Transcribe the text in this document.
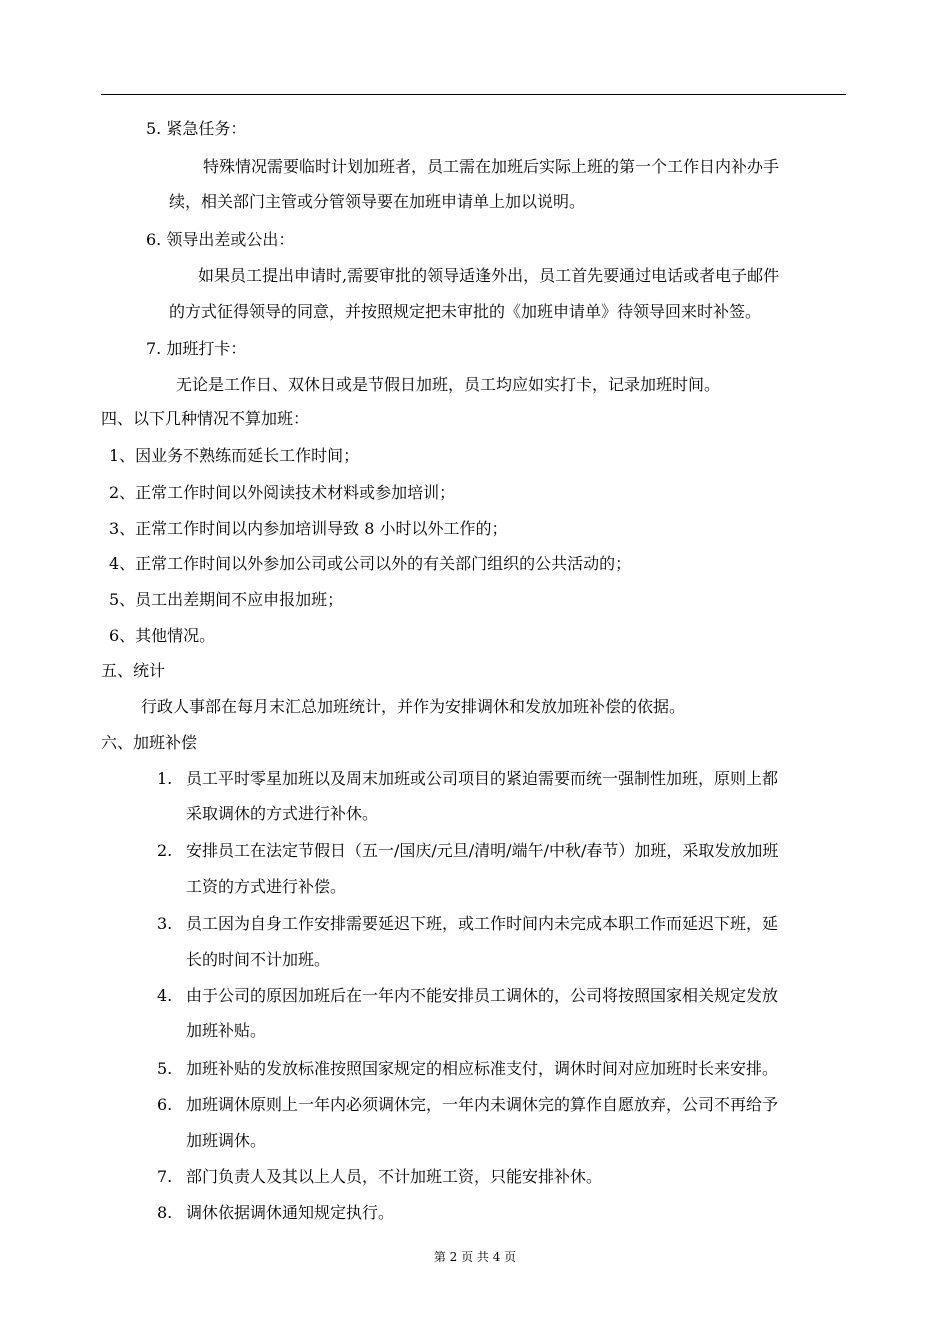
5. 紧急任务：
特殊情况需要临时计划加班者，员工需在加班后实际上班的第一个工作日内补办手
续，相关部门主管或分管领导要在加班申请单上加以说明。
6. 领导出差或公出：
如果员工提出申请时,需要审批的领导适逢外出，员工首先要通过电话或者电子邮件
的方式征得领导的同意，并按照规定把未审批的《加班申请单》待领导回来时补签。
7. 加班打卡：
无论是工作日、双休日或是节假日加班，员工均应如实打卡，记录加班时间。
四、以下几种情况不算加班：
1、因业务不熟练而延长工作时间；
2、正常工作时间以外阅读技术材料或参加培训；
3、正常工作时间以内参加培训导致 8 小时以外工作的；
4、正常工作时间以外参加公司或公司以外的有关部门组织的公共活动的；
5、员工出差期间不应申报加班；
6、其他情况。
五、统计
行政人事部在每月末汇总加班统计，并作为安排调休和发放加班补偿的依据。
六、加班补偿
1. 员工平时零星加班以及周末加班或公司项目的紧迫需要而统一强制性加班，原则上都
采取调休的方式进行补休。
2. 安排员工在法定节假日（五一/国庆/元旦/清明/端午/中秋/春节）加班，采取发放加班
工资的方式进行补偿。
3. 员工因为自身工作安排需要延迟下班，或工作时间内未完成本职工作而延迟下班，延
长的时间不计加班。
4. 由于公司的原因加班后在一年内不能安排员工调休的，公司将按照国家相关规定发放
加班补贴。
5. 加班补贴的发放标准按照国家规定的相应标准支付，调休时间对应加班时长来安排。
6. 加班调休原则上一年内必须调休完，一年内未调休完的算作自愿放弃，公司不再给予
加班调休。
7. 部门负责人及其以上人员，不计加班工资，只能安排补休。
8. 调休依据调休通知规定执行。
第 2 页 共 4 页
